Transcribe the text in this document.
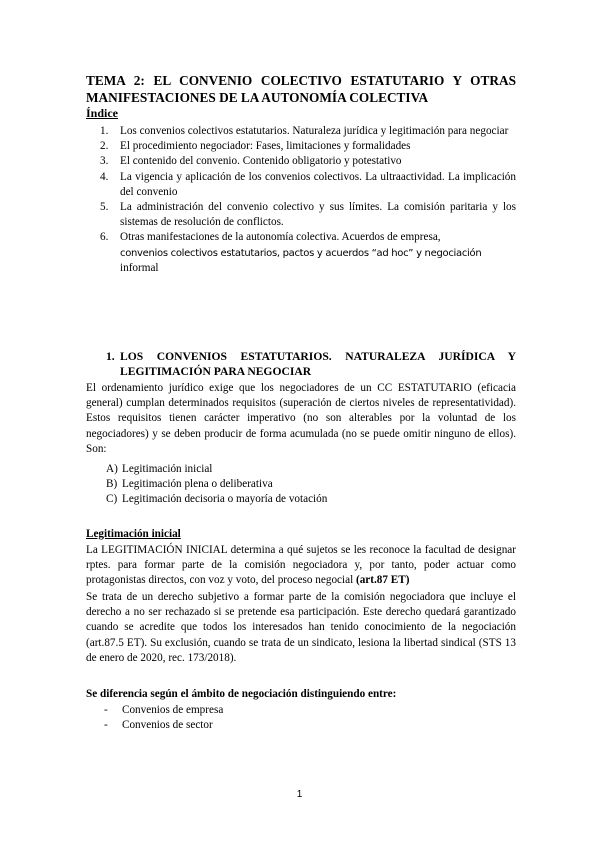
TEMA 2: EL CONVENIO COLECTIVO ESTATUTARIO Y OTRAS MANIFESTACIONES DE LA AUTONOMÍA COLECTIVA
Índice
1. Los convenios colectivos estatutarios. Naturaleza jurídica y legitimación para negociar
2. El procedimiento negociador: Fases, limitaciones y formalidades
3. El contenido del convenio. Contenido obligatorio y potestativo
4. La vigencia y aplicación de los convenios colectivos. La ultraactividad. La implicación del convenio
5. La administración del convenio colectivo y sus límites. La comisión paritaria y los sistemas de resolución de conflictos.
6. Otras manifestaciones de la autonomía colectiva. Acuerdos de empresa,
convenios colectivos estatutarios, pactos y acuerdos “ad hoc” y negociación
informal
1. LOS CONVENIOS ESTATUTARIOS. NATURALEZA JURÍDICA Y LEGITIMACIÓN PARA NEGOCIAR
El ordenamiento jurídico exige que los negociadores de un CC ESTATUTARIO (eficacia general) cumplan determinados requisitos (superación de ciertos niveles de representatividad). Estos requisitos tienen carácter imperativo (no son alterables por la voluntad de los negociadores) y se deben producir de forma acumulada (no se puede omitir ninguno de ellos). Son:
A) Legitimación inicial
B) Legitimación plena o deliberativa
C) Legitimación decisoria o mayoría de votación
Legitimación inicial
La LEGITIMACIÓN INICIAL determina a qué sujetos se les reconoce la facultad de designar rptes. para formar parte de la comisión negociadora y, por tanto, poder actuar como protagonistas directos, con voz y voto, del proceso negocial (art.87 ET)
Se trata de un derecho subjetivo a formar parte de la comisión negociadora que incluye el derecho a no ser rechazado si se pretende esa participación. Este derecho quedará garantizado cuando se acredite que todos los interesados han tenido conocimiento de la negociación (art.87.5 ET). Su exclusión, cuando se trata de un sindicato, lesiona la libertad sindical (STS 13 de enero de 2020, rec. 173/2018).
Se diferencia según el ámbito de negociación distinguiendo entre:
- Convenios de empresa
- Convenios de sector
1
